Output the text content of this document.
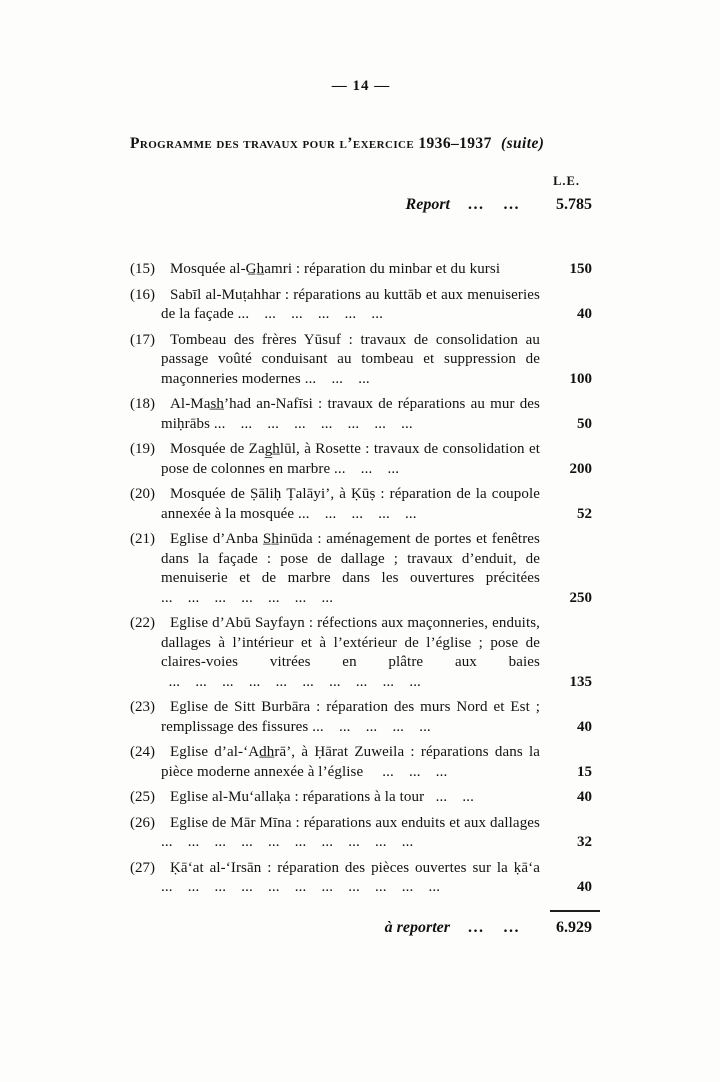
— 14 —
Programme des travaux pour l’exercice 1936–1937 (suite)
L.E.
Report ...  ... 5.785
(15)	Mosquée al-G̲h̲amri : réparation du minbar et du kursi	150
(16)	Sabīl al-Muṭahhar : réparations au kuttāb et aux menuiseries de la façade ...  ...  ...  ...  ...  ...	40
(17)	Tombeau des frères Yūsuf : travaux de consolidation au passage voûté conduisant au tombeau et suppression de maçonneries modernes ...  ...  ...	100
(18)	Al-Mas̲h̲’had an-Nafīsi : travaux de réparations au mur des miḥrābs ...  ...  ...  ...  ...  ...  ...  ...	50
(19)	Mosquée de Zag̲h̲lūl, à Rosette : travaux de consolidation et pose de colonnes en marbre ...  ...  ...	200
(20)	Mosquée de Ṣāliḥ Ṭalāyi’, à Ḳūṣ : réparation de la coupole annexée à la mosquée ...  ...  ...  ...  ...	52
(21)	Eglise d’Anba S̲h̲inūda : aménagement de portes et fenêtres dans la façade : pose de dallage ; travaux d’enduit, de menuiserie et de marbre dans les ouvertures précitées ...  ...  ...  ...  ...  ...  ...	250
(22)	Eglise d’Abū Sayfayn : réfections aux maçonneries, enduits, dallages à l’intérieur et à l’extérieur de l’église ; pose de claires-voies vitrées en plâtre aux baies  ...  ...  ...  ...  ...  ...  ...  ...  ...  ...	135
(23)	Eglise de Sitt Burbāra : réparation des murs Nord et Est ; remplissage des fissures ...  ...  ...  ...  ...	40
(24)	Eglise d’al-‘Ad̲h̲rā’, à Ḥārat Zuweila : réparations dans la pièce moderne annexée à l’église   ...  ...  ...	15
(25)	Eglise al-Mu‘allaḳa : réparations à la tour  ...  ...	40
(26)	Eglise de Mār Mīna : réparations aux enduits et aux dallages ...  ...  ...  ...  ...  ...  ...  ...  ...  ...	32
(27)	Ḳā‘at al-‘Irsān : réparation des pièces ouvertes sur la ḳā‘a ...  ...  ...  ...  ...  ...  ...  ...  ...  ...  ...	40
à reporter ...  ... 6.929
